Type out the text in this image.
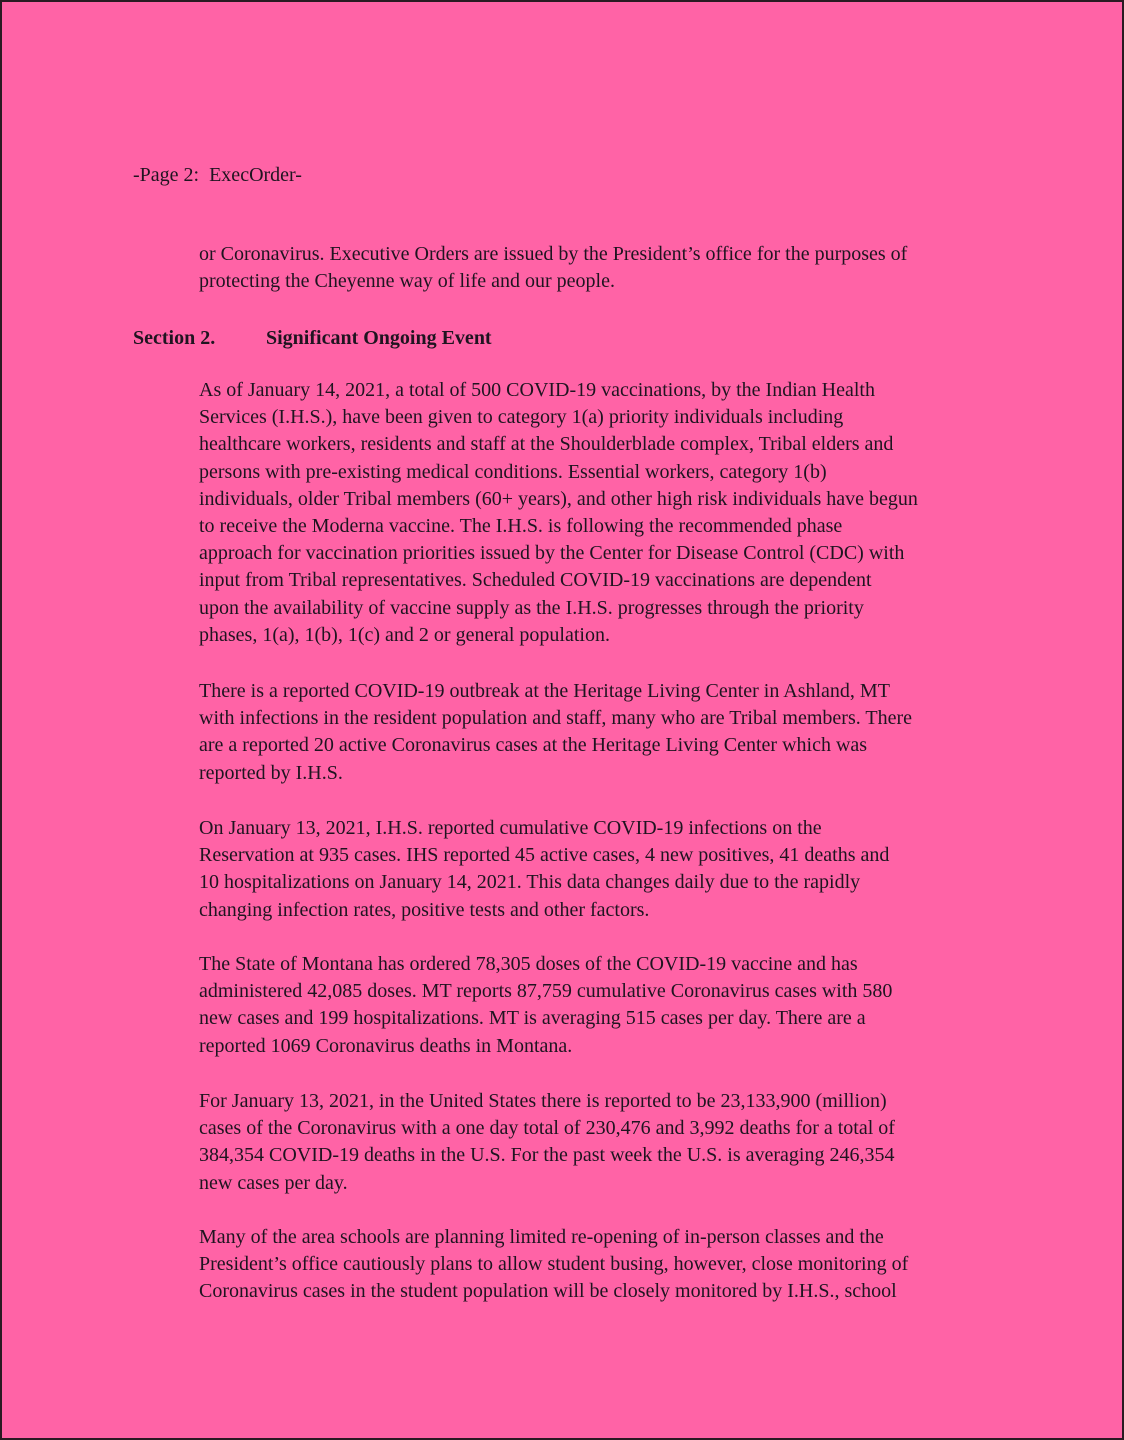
-Page 2:  ExecOrder-
or Coronavirus. Executive Orders are issued by the President’s office for the purposes of
protecting the Cheyenne way of life and our people.
Section 2.	Significant Ongoing Event
As of January 14, 2021, a total of 500 COVID-19 vaccinations, by the Indian Health
Services (I.H.S.), have been given to category 1(a) priority individuals including
healthcare workers, residents and staff at the Shoulderblade complex, Tribal elders and
persons with pre-existing medical conditions. Essential workers, category 1(b)
individuals, older Tribal members (60+ years), and other high risk individuals have begun
to receive the Moderna vaccine. The I.H.S. is following the recommended phase
approach for vaccination priorities issued by the Center for Disease Control (CDC) with
input from Tribal representatives. Scheduled COVID-19 vaccinations are dependent
upon the availability of vaccine supply as the I.H.S. progresses through the priority
phases, 1(a), 1(b), 1(c) and 2 or general population.
There is a reported COVID-19 outbreak at the Heritage Living Center in Ashland, MT
with infections in the resident population and staff, many who are Tribal members. There
are a reported 20 active Coronavirus cases at the Heritage Living Center which was
reported by I.H.S.
On January 13, 2021, I.H.S. reported cumulative COVID-19 infections on the
Reservation at 935 cases. IHS reported 45 active cases, 4 new positives, 41 deaths and
10 hospitalizations on January 14, 2021. This data changes daily due to the rapidly
changing infection rates, positive tests and other factors.
The State of Montana has ordered 78,305 doses of the COVID-19 vaccine and has
administered 42,085 doses. MT reports 87,759 cumulative Coronavirus cases with 580
new cases and 199 hospitalizations. MT is averaging 515 cases per day. There are a
reported 1069 Coronavirus deaths in Montana.
For January 13, 2021, in the United States there is reported to be 23,133,900 (million)
cases of the Coronavirus with a one day total of 230,476 and 3,992 deaths for a total of
384,354 COVID-19 deaths in the U.S. For the past week the U.S. is averaging 246,354
new cases per day.
Many of the area schools are planning limited re-opening of in-person classes and the
President’s office cautiously plans to allow student busing, however, close monitoring of
Coronavirus cases in the student population will be closely monitored by I.H.S., school
